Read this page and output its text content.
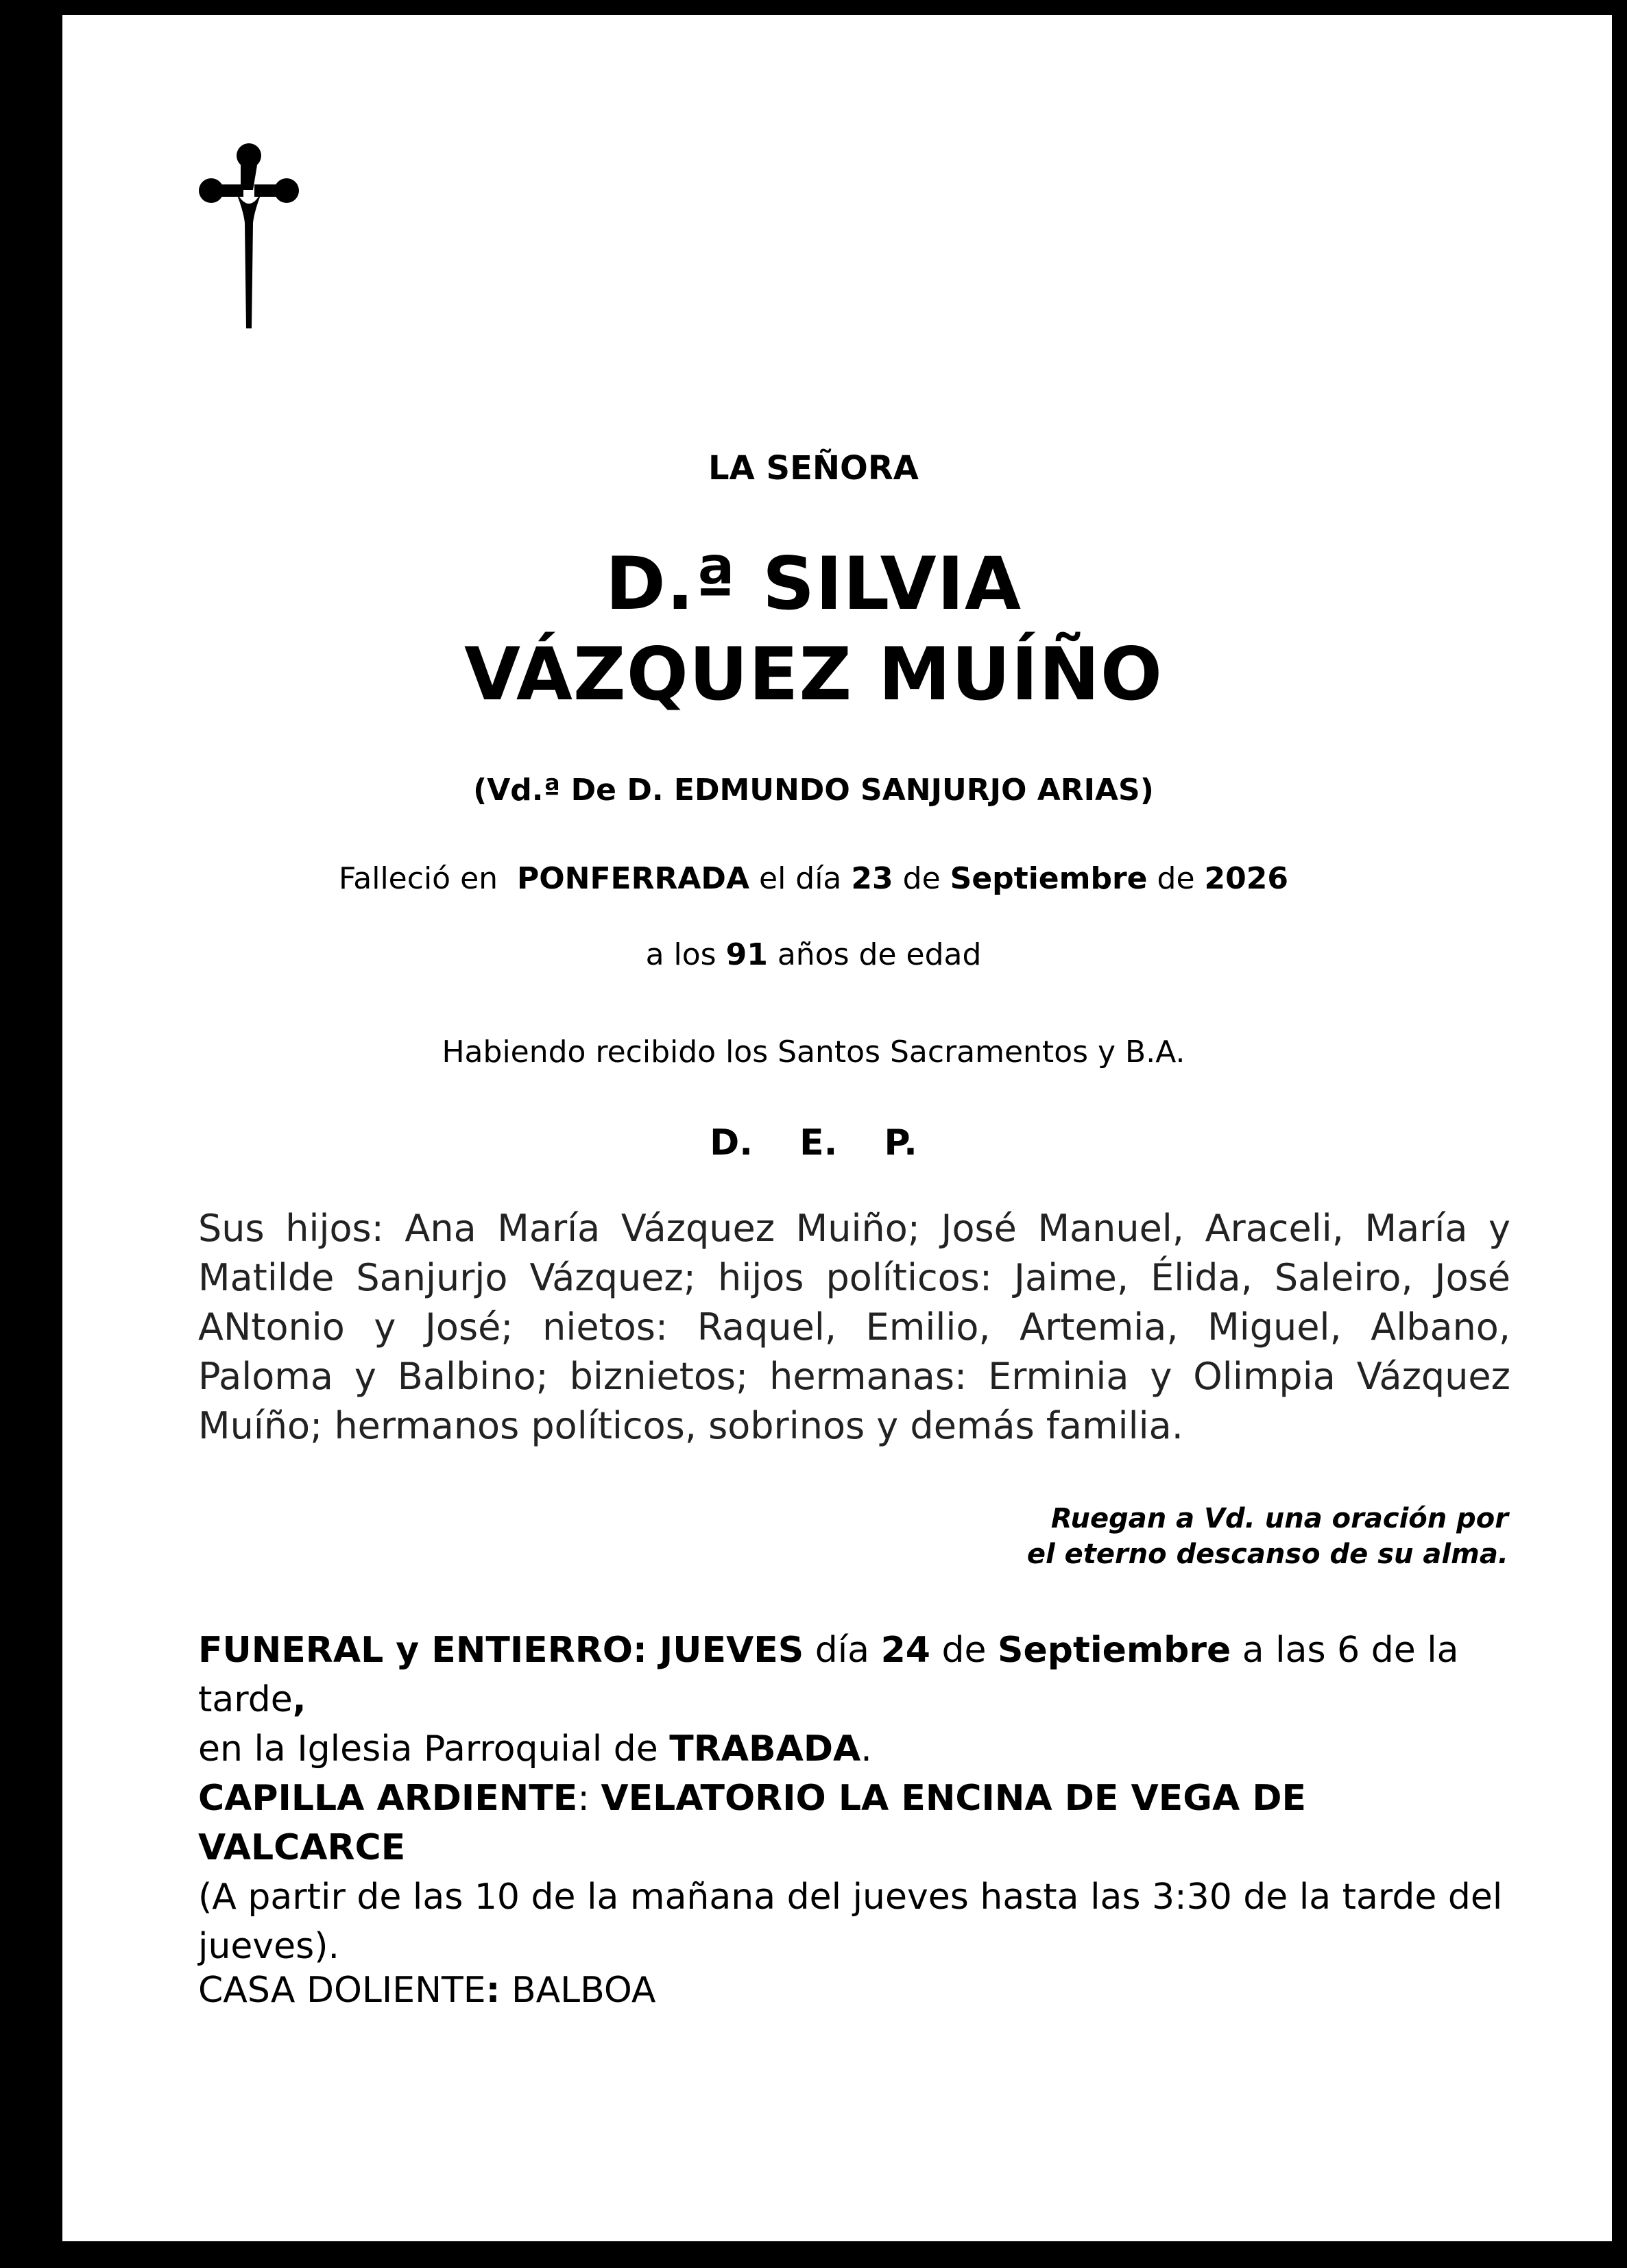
LA SEÑORA
D.ª SILVIA
VÁZQUEZ MUÍÑO
(Vd.ª De D. EDMUNDO SANJURJO ARIAS)
Falleció en PONFERRADA el día 23 de Septiembre de 2026
a los 91 años de edad
Habiendo recibido los Santos Sacramentos y B.A.
D. E. P.
Sus hijos: Ana María Vázquez Muiño; José Manuel, Araceli, María y Matilde Sanjurjo Vázquez; hijos políticos: Jaime, Élida, Saleiro, José ANtonio y José; nietos: Raquel, Emilio, Artemia, Miguel, Albano, Paloma y Balbino; biznietos; hermanas: Erminia y Olimpia Vázquez Muíño; hermanos políticos, sobrinos y demás familia.
Ruegan a Vd. una oración por
el eterno descanso de su alma.
FUNERAL y ENTIERRO: JUEVES día 24 de Septiembre a las 6 de la tarde,
en la Iglesia Parroquial de TRABADA.
CAPILLA ARDIENTE: VELATORIO LA ENCINA DE VEGA DE VALCARCE
(A partir de las 10 de la mañana del jueves hasta las 3:30 de la tarde del jueves).
CASA DOLIENTE: BALBOA
